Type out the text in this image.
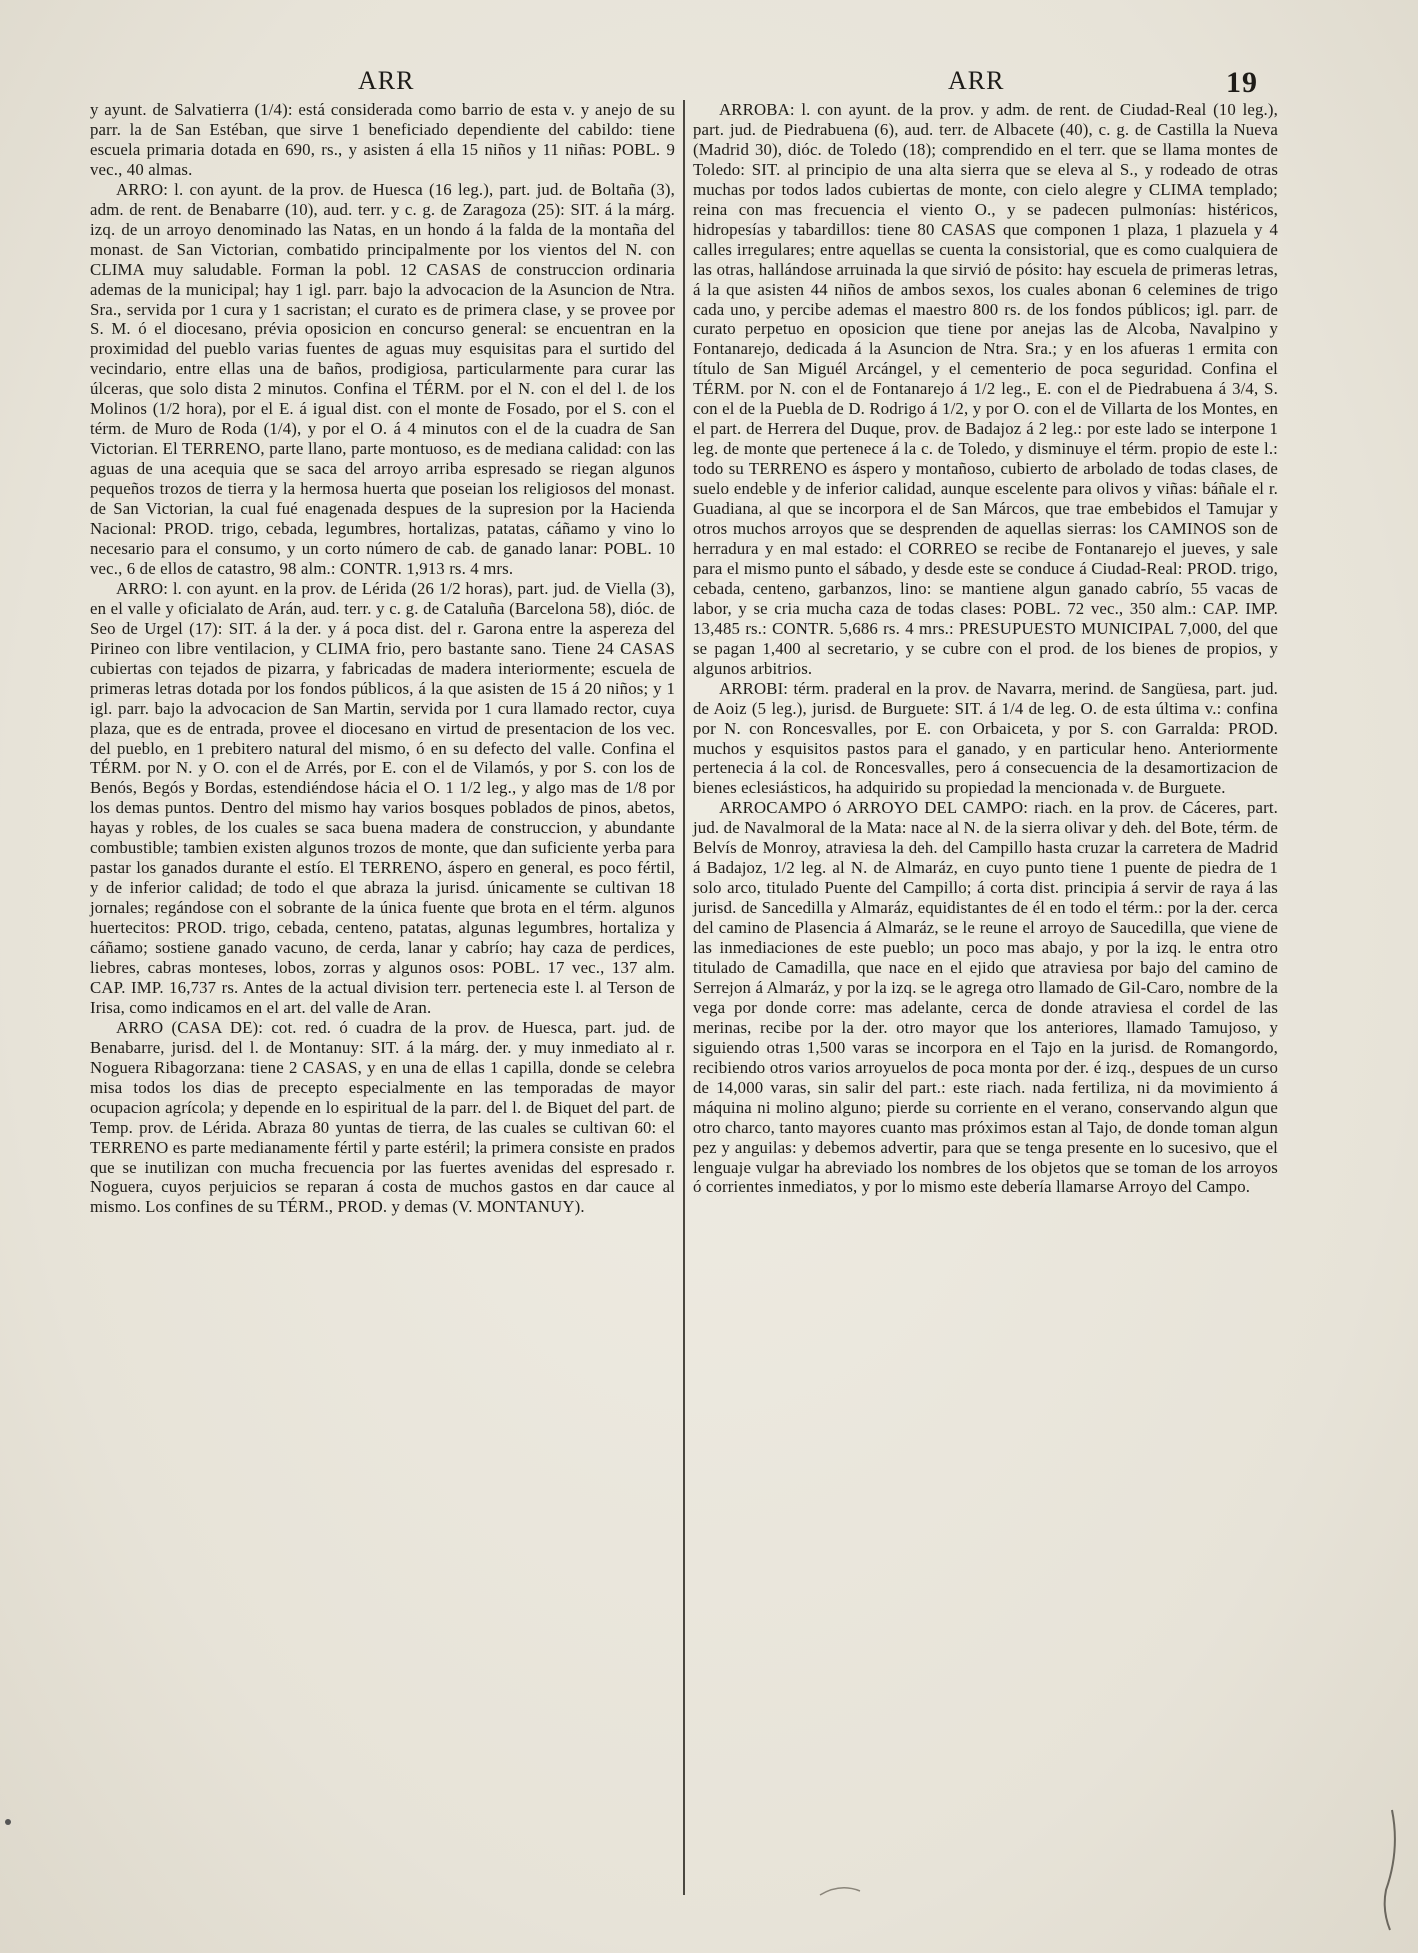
ARR	ARR	19

y ayunt. de Salvatierra (1/4): está considerada como barrio de esta v. y anejo de su parr. la de San Estéban, que sirve 1 beneficiado dependiente del cabildo: tiene escuela primaria dotada en 690, rs., y asisten á ella 15 niños y 11 niñas: POBL. 9 vec., 40 almas.

ARRO: l. con ayunt. de la prov. de Huesca (16 leg.), part. jud. de Boltaña (3), adm. de rent. de Benabarre (10), aud. terr. y c. g. de Zaragoza (25): SIT. á la márg. izq. de un arroyo denominado las Natas, en un hondo á la falda de la montaña del monast. de San Victorian, combatido principalmente por los vientos del N. con CLIMA muy saludable. Forman la pobl. 12 CASAS de construccion ordinaria ademas de la municipal; hay 1 igl. parr. bajo la advocacion de la Asuncion de Ntra. Sra., servida por 1 cura y 1 sacristan; el curato es de primera clase, y se provee por S. M. ó el diocesano, prévia oposicion en concurso general: se encuentran en la proximidad del pueblo varias fuentes de aguas muy esquisitas para el surtido del vecindario, entre ellas una de baños, prodigiosa, particularmente para curar las úlceras, que solo dista 2 minutos. Confina el TÉRM. por el N. con el del l. de los Molinos (1/2 hora), por el E. á igual dist. con el monte de Fosado, por el S. con el térm. de Muro de Roda (1/4), y por el O. á 4 minutos con el de la cuadra de San Victorian. El TERRENO, parte llano, parte montuoso, es de mediana calidad: con las aguas de una acequia que se saca del arroyo arriba espresado se riegan algunos pequeños trozos de tierra y la hermosa huerta que poseian los religiosos del monast. de San Victorian, la cual fué enagenada despues de la supresion por la Hacienda Nacional: PROD. trigo, cebada, legumbres, hortalizas, patatas, cáñamo y vino lo necesario para el consumo, y un corto número de cab. de ganado lanar: POBL. 10 vec., 6 de ellos de catastro, 98 alm.: CONTR. 1,913 rs. 4 mrs.

ARRO: l. con ayunt. en la prov. de Lérida (26 1/2 horas), part. jud. de Viella (3), en el valle y oficialato de Arán, aud. terr. y c. g. de Cataluña (Barcelona 58), dióc. de Seo de Urgel (17): SIT. á la der. y á poca dist. del r. Garona entre la aspereza del Pirineo con libre ventilacion, y CLIMA frio, pero bastante sano. Tiene 24 CASAS cubiertas con tejados de pizarra, y fabricadas de madera interiormente; escuela de primeras letras dotada por los fondos públicos, á la que asisten de 15 á 20 niños; y 1 igl. parr. bajo la advocacion de San Martin, servida por 1 cura llamado rector, cuya plaza, que es de entrada, provee el diocesano en virtud de presentacion de los vec. del pueblo, en 1 prebitero natural del mismo, ó en su defecto del valle. Confina el TÉRM. por N. y O. con el de Arrés, por E. con el de Vilamós, y por S. con los de Benós, Begós y Bordas, estendiéndose hácia el O. 1 1/2 leg., y algo mas de 1/8 por los demas puntos. Dentro del mismo hay varios bosques poblados de pinos, abetos, hayas y robles, de los cuales se saca buena madera de construccion, y abundante combustible; tambien existen algunos trozos de monte, que dan suficiente yerba para pastar los ganados durante el estío. El TERRENO, áspero en general, es poco fértil, y de inferior calidad; de todo el que abraza la jurisd. únicamente se cultivan 18 jornales; regándose con el sobrante de la única fuente que brota en el térm. algunos huertecitos: PROD. trigo, cebada, centeno, patatas, algunas legumbres, hortaliza y cáñamo; sostiene ganado vacuno, de cerda, lanar y cabrío; hay caza de perdices, liebres, cabras monteses, lobos, zorras y algunos osos: POBL. 17 vec., 137 alm. CAP. IMP. 16,737 rs. Antes de la actual division terr. pertenecia este l. al Terson de Irisa, como indicamos en el art. del valle de Aran.

ARRO (CASA DE): cot. red. ó cuadra de la prov. de Huesca, part. jud. de Benabarre, jurisd. del l. de Montanuy: SIT. á la márg. der. y muy inmediato al r. Noguera Ribagorzana: tiene 2 CASAS, y en una de ellas 1 capilla, donde se celebra misa todos los dias de precepto especialmente en las temporadas de mayor ocupacion agrícola; y depende en lo espiritual de la parr. del l. de Biquet del part. de Temp. prov. de Lérida. Abraza 80 yuntas de tierra, de las cuales se cultivan 60: el TERRENO es parte medianamente fértil y parte estéril; la primera consiste en prados que se inutilizan con mucha frecuencia por las fuertes avenidas del espresado r. Noguera, cuyos perjuicios se reparan á costa de muchos gastos en dar cauce al mismo. Los confines de su TÉRM., PROD. y demas (V. MONTANUY).

ARROBA: l. con ayunt. de la prov. y adm. de rent. de Ciudad-Real (10 leg.), part. jud. de Piedrabuena (6), aud. terr. de Albacete (40), c. g. de Castilla la Nueva (Madrid 30), dióc. de Toledo (18); comprendido en el terr. que se llama montes de Toledo: SIT. al principio de una alta sierra que se eleva al S., y rodeado de otras muchas por todos lados cubiertas de monte, con cielo alegre y CLIMA templado; reina con mas frecuencia el viento O., y se padecen pulmonías: histéricos, hidropesías y tabardillos: tiene 80 CASAS que componen 1 plaza, 1 plazuela y 4 calles irregulares; entre aquellas se cuenta la consistorial, que es como cualquiera de las otras, hallándose arruinada la que sirvió de pósito: hay escuela de primeras letras, á la que asisten 44 niños de ambos sexos, los cuales abonan 6 celemines de trigo cada uno, y percibe ademas el maestro 800 rs. de los fondos públicos; igl. parr. de curato perpetuo en oposicion que tiene por anejas las de Alcoba, Navalpino y Fontanarejo, dedicada á la Asuncion de Ntra. Sra.; y en los afueras 1 ermita con título de San Miguél Arcángel, y el cementerio de poca seguridad. Confina el TÉRM. por N. con el de Fontanarejo á 1/2 leg., E. con el de Piedrabuena á 3/4, S. con el de la Puebla de D. Rodrigo á 1/2, y por O. con el de Villarta de los Montes, en el part. de Herrera del Duque, prov. de Badajoz á 2 leg.: por este lado se interpone 1 leg. de monte que pertenece á la c. de Toledo, y disminuye el térm. propio de este l.: todo su TERRENO es áspero y montañoso, cubierto de arbolado de todas clases, de suelo endeble y de inferior calidad, aunque escelente para olivos y viñas: báñale el r. Guadiana, al que se incorpora el de San Márcos, que trae embebidos el Tamujar y otros muchos arroyos que se desprenden de aquellas sierras: los CAMINOS son de herradura y en mal estado: el CORREO se recibe de Fontanarejo el jueves, y sale para el mismo punto el sábado, y desde este se conduce á Ciudad-Real: PROD. trigo, cebada, centeno, garbanzos, lino: se mantiene algun ganado cabrío, 55 vacas de labor, y se cria mucha caza de todas clases: POBL. 72 vec., 350 alm.: CAP. IMP. 13,485 rs.: CONTR. 5,686 rs. 4 mrs.: PRESUPUESTO MUNICIPAL 7,000, del que se pagan 1,400 al secretario, y se cubre con el prod. de los bienes de propios, y algunos arbitrios.

ARROBI: térm. praderal en la prov. de Navarra, merind. de Sangüesa, part. jud. de Aoiz (5 leg.), jurisd. de Burguete: SIT. á 1/4 de leg. O. de esta última v.: confina por N. con Roncesvalles, por E. con Orbaiceta, y por S. con Garralda: PROD. muchos y esquisitos pastos para el ganado, y en particular heno. Anteriormente pertenecia á la col. de Roncesvalles, pero á consecuencia de la desamortizacion de bienes eclesiásticos, ha adquirido su propiedad la mencionada v. de Burguete.

ARROCAMPO ó ARROYO DEL CAMPO: riach. en la prov. de Cáceres, part. jud. de Navalmoral de la Mata: nace al N. de la sierra olivar y deh. del Bote, térm. de Belvís de Monroy, atraviesa la deh. del Campillo hasta cruzar la carretera de Madrid á Badajoz, 1/2 leg. al N. de Almaráz, en cuyo punto tiene 1 puente de piedra de 1 solo arco, titulado Puente del Campillo; á corta dist. principia á servir de raya á las jurisd. de Sancedilla y Almaráz, equidistantes de él en todo el térm.: por la der. cerca del camino de Plasencia á Almaráz, se le reune el arroyo de Saucedilla, que viene de las inmediaciones de este pueblo; un poco mas abajo, y por la izq. le entra otro titulado de Camadilla, que nace en el ejido que atraviesa por bajo del camino de Serrejon á Almaráz, y por la izq. se le agrega otro llamado de Gil-Caro, nombre de la vega por donde corre: mas adelante, cerca de donde atraviesa el cordel de las merinas, recibe por la der. otro mayor que los anteriores, llamado Tamujoso, y siguiendo otras 1,500 varas se incorpora en el Tajo en la jurisd. de Romangordo, recibiendo otros varios arroyuelos de poca monta por der. é izq., despues de un curso de 14,000 varas, sin salir del part.: este riach. nada fertiliza, ni da movimiento á máquina ni molino alguno; pierde su corriente en el verano, conservando algun que otro charco, tanto mayores cuanto mas próximos estan al Tajo, de donde toman algun pez y anguilas: y debemos advertir, para que se tenga presente en lo sucesivo, que el lenguaje vulgar ha abreviado los nombres de los objetos que se toman de los arroyos ó corrientes inmediatos, y por lo mismo este debería llamarse Arroyo del Campo.
